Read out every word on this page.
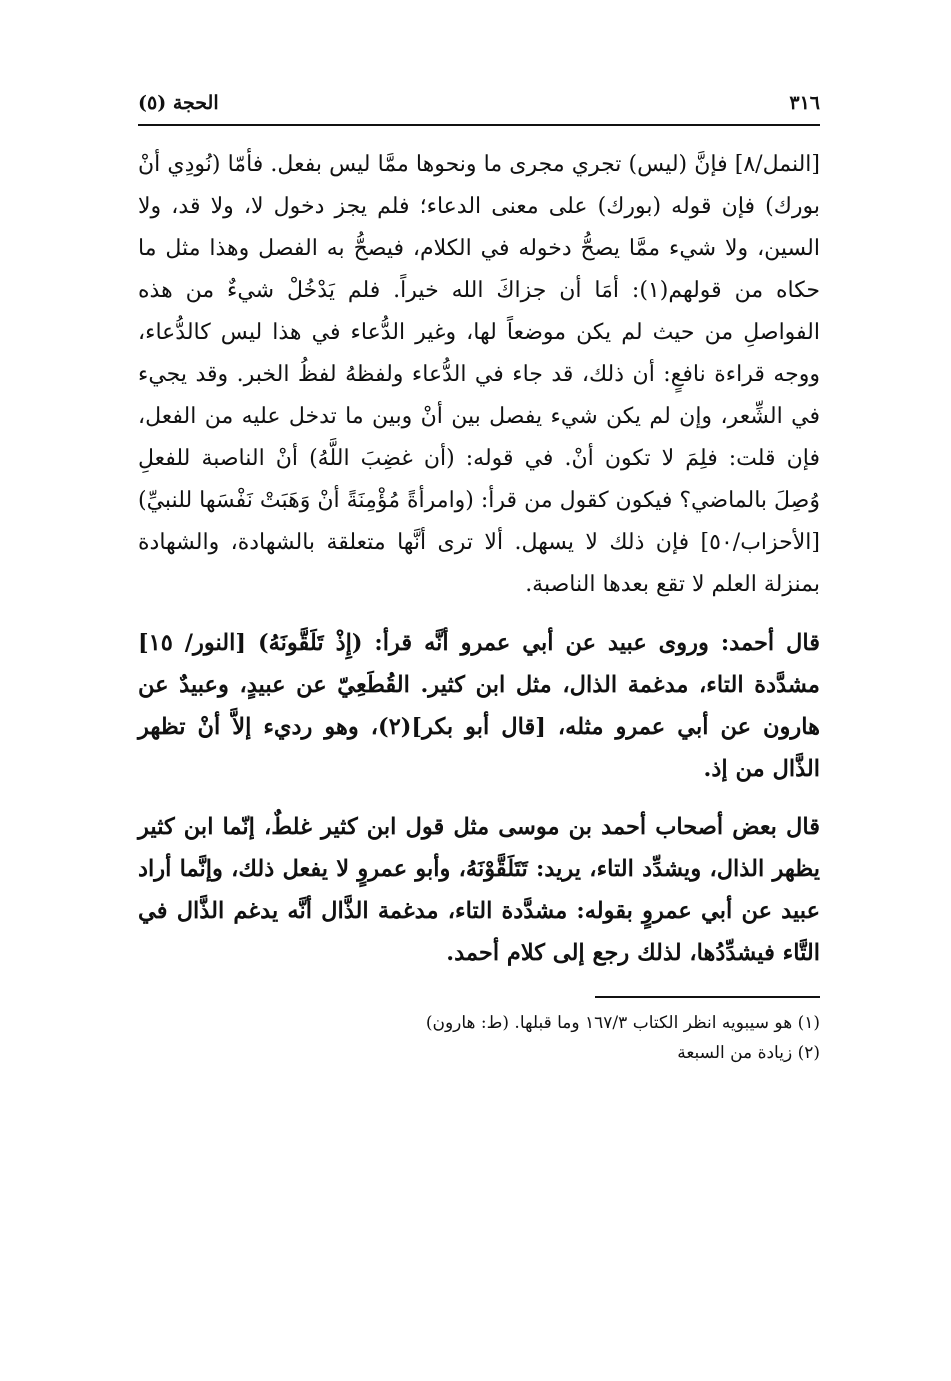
٣١٦
الحجة (٥)

[النمل/٨] فإنَّ (ليس) تجري مجرى ما ونحوها ممَّا ليس بفعل. فأمّا (نُودِي أنْ بورك) فإن قوله (بورك) على معنى الدعاء؛ فلم يجز دخول لا، ولا قد، ولا السين، ولا شيء ممَّا يصحُّ دخوله في الكلام، فيصحُّ به الفصل وهذا مثل ما حكاه من قولهم(١): أمَا أن جزاكَ الله خيراً. فلم يَدْخُلْ شيءٌ من هذه الفواصلِ من حيث لم يكن موضعاً لها، وغير الدُّعاء في هذا ليس كالدُّعاء، ووجه قراءة نافعٍ: أن ذلك، قد جاء في الدُّعاء ولفظهُ لفظُ الخبر. وقد يجيء في الشِّعر، وإن لم يكن شيء يفصل بين أنْ وبين ما تدخل عليه من الفعل، فإن قلت: فلِمَ لا تكون أنْ. في قوله: (أن غضِبَ اللَّهُ) أنْ الناصبة للفعلِ وُصِلَ بالماضي؟ فيكون كقول من قرأ: (وامرأةً مُؤْمِنَةً أنْ وَهَبَتْ نَفْسَها للنبيِّ) [الأحزاب/٥٠] فإن ذلك لا يسهل. ألا ترى أنَّها متعلقة بالشهادة، والشهادة بمنزلة العلم لا تقع بعدها الناصبة.

قال أحمد: وروى عبيد عن أبي عمرو أنَّه قرأ: (إِذْ تَلَقَّونَهُ) [النور/ ١٥] مشدَّدة التاء، مدغمة الذال، مثل ابن كثير. القُطَعِيّ عن عبيدٍ، وعبيدٌ عن هارون عن أبي عمرو مثله، [قال أبو بكر](٢)، وهو رديء إلاَّ أنْ تظهر الذَّال من إذ.

قال بعض أصحاب أحمد بن موسى مثل قول ابن كثير غلطٌ، إنّما ابن كثير يظهر الذال، ويشدِّد التاء، يريد: تَتَلَقَّوْنَهُ، وأبو عمروٍ لا يفعل ذلك، وإنَّما أراد عبيد عن أبي عمروٍ بقوله: مشدَّدة التاء، مدغمة الذَّال أنَّه يدغم الذَّال في التَّاء فيشدِّدُها، لذلك رجع إلى كلام أحمد.

(١) هو سيبويه انظر الكتاب ١٦٧/٣ وما قبلها. (ط: هارون)
(٢) زيادة من السبعة
